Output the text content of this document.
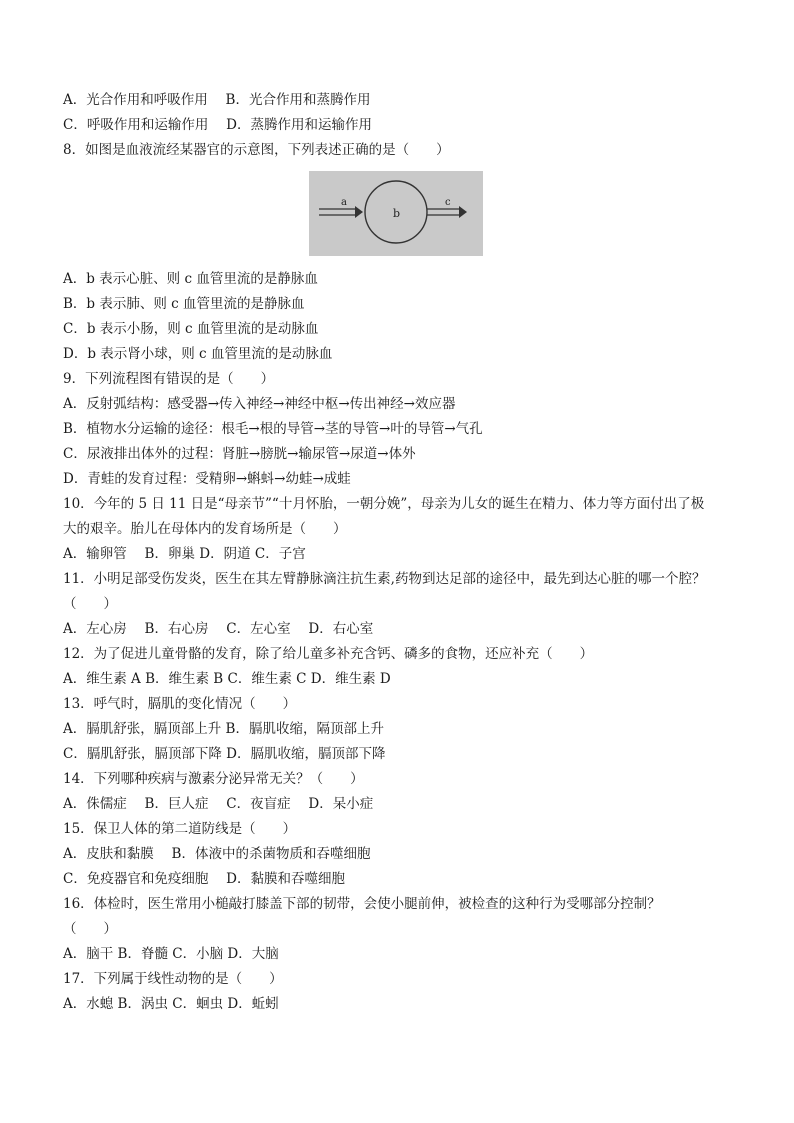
A．光合作用和呼吸作用　 B．光合作用和蒸腾作用
C．呼吸作用和运输作用　 D．蒸腾作用和运输作用
8．如图是血液流经某器官的示意图，下列表述正确的是（　　）
a
b
c
A．b 表示心脏、则 c 血管里流的是静脉血
B．b 表示肺、则 c 血管里流的是静脉血
C．b 表示小肠，则 c 血管里流的是动脉血
D．b 表示肾小球，则 c 血管里流的是动脉血
9．下列流程图有错误的是（　　）
A．反射弧结构：感受器→传入神经→神经中枢→传出神经→效应器
B．植物水分运输的途径：根毛→根的导管→茎的导管→叶的导管→气孔
C．尿液排出体外的过程：肾脏→膀胱→输尿管→尿道→体外
D．青蛙的发育过程：受精卵→蝌蚪→幼蛙→成蛙
10．今年的 5 日 11 日是“母亲节”“十月怀胎，一朝分娩”，母亲为儿女的诞生在精力、体力等方面付出了极
大的艰辛。胎儿在母体内的发育场所是（　　）
A．输卵管　 B．卵巢 D．阴道 C．子宫
11．小明足部受伤发炎，医生在其左臂静脉滴注抗生素,药物到达足部的途径中，最先到达心脏的哪一个腔？
（　　）
A．左心房　 B．右心房　 C．左心室　 D．右心室
12．为了促进儿童骨骼的发育，除了给儿童多补充含钙、磷多的食物，还应补充（　　）
A．维生素 A B．维生素 B C．维生素 C D．维生素 D
13．呼气时，膈肌的变化情况（　　）
A．膈肌舒张，膈顶部上升 B．膈肌收缩，隔顶部上升
C．膈肌舒张，膈顶部下降 D．膈肌收缩，膈顶部下降
14．下列哪种疾病与激素分泌异常无关？（　　）
A．侏儒症　 B．巨人症　 C．夜盲症　 D．呆小症
15．保卫人体的第二道防线是（　　）
A．皮肤和黏膜　 B．体液中的杀菌物质和吞噬细胞
C．免疫器官和免疫细胞　 D．黏膜和吞噬细胞
16．体检时，医生常用小槌敲打膝盖下部的韧带，会使小腿前伸，被检查的这种行为受哪部分控制？
（　　）
A．脑干 B．脊髓 C．小脑 D．大脑
17．下列属于线性动物的是（　　）
A．水螅 B．涡虫 C．蛔虫 D．蚯蚓
